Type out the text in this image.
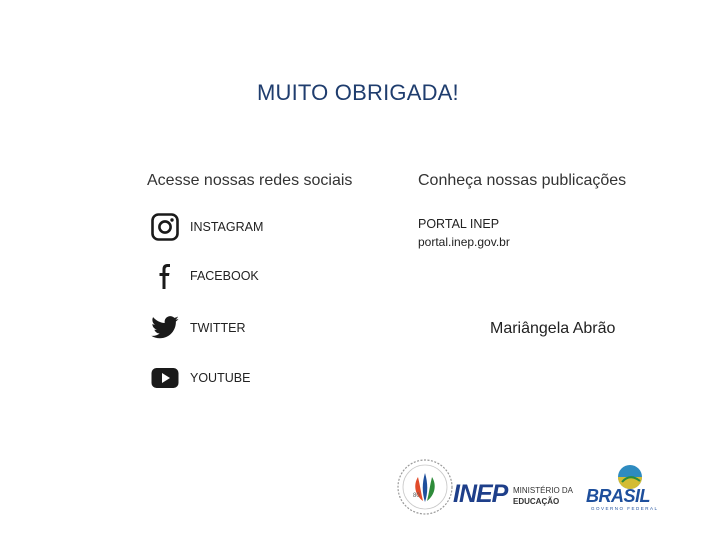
MUITO OBRIGADA!
Acesse nossas redes sociais	Conheça nossas publicações
INSTAGRAM
FACEBOOK
TWITTER
YOUTUBE
PORTAL INEP
portal.inep.gov.br
Mariângela Abrão
80 INEP MINISTÉRIO DA
EDUCAÇÃO BRASIL
GOVERNO FEDERAL
